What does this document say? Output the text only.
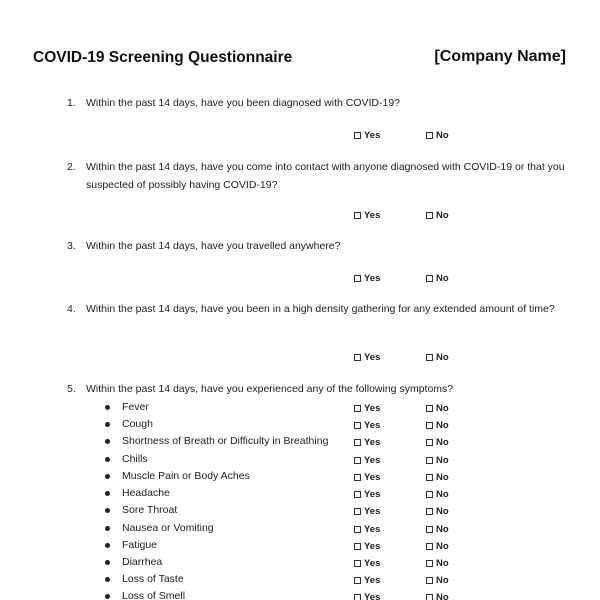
COVID-19 Screening Questionnaire	[Company Name]
1. Within the past 14 days, have you been diagnosed with COVID-19?
Yes	No
2. Within the past 14 days, have you come into contact with anyone diagnosed with COVID-19 or that you suspected of possibly having COVID-19?
Yes	No
3. Within the past 14 days, have you travelled anywhere?
Yes	No
4. Within the past 14 days, have you been in a high density gathering for any extended amount of time?
Yes	No
5. Within the past 14 days, have you experienced any of the following symptoms?
Fever	Yes	No
Cough	Yes	No
Shortness of Breath or Difficulty in Breathing	Yes	No
Chills	Yes	No
Muscle Pain or Body Aches	Yes	No
Headache	Yes	No
Sore Throat	Yes	No
Nausea or Vomiting	Yes	No
Fatigue	Yes	No
Diarrhea	Yes	No
Loss of Taste	Yes	No
Loss of Smell	Yes	No
